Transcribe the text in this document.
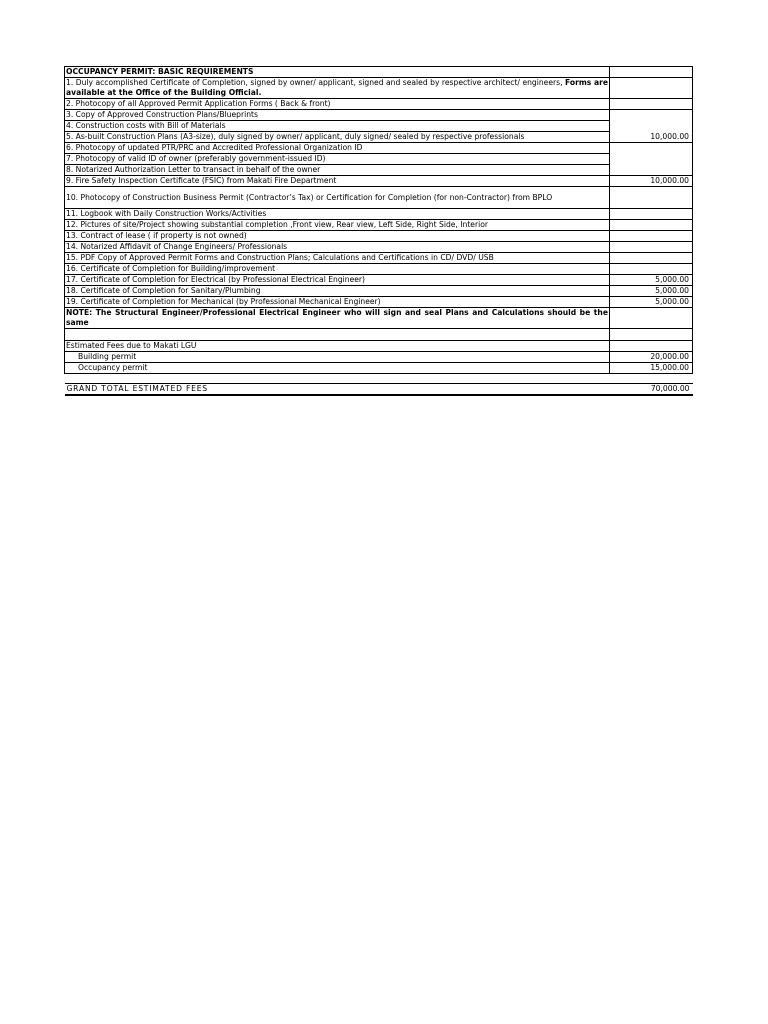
OCCUPANCY PERMIT: BASIC REQUIREMENTS	
1. Duly accomplished Certificate of Completion, signed by owner/ applicant, signed and sealed by respective architect/ engineers, Forms are available at the Office of the Building Official.	
2. Photocopy of all Approved Permit Application Forms ( Back & front)	
3. Copy of Approved Construction Plans/Blueprints	10,000.00
4. Construction costs with Bill of Materials	
5. As-built Construction Plans (A3-size), duly signed by owner/ applicant, duly signed/ sealed by respective professionals	
6. Photocopy of updated PTR/PRC and Accredited Professional Organization ID	
7. Photocopy of valid ID of owner (preferably government-issued ID)	
8. Notarized Authorization Letter to transact in behalf of the owner	
9. Fire Safety Inspection Certificate (FSIC) from Makati Fire Department	10,000.00
10. Photocopy of Construction Business Permit (Contractor’s Tax) or Certification for Completion (for non-Contractor) from BPLO	
11. Logbook with Daily Construction Works/Activities	
12. Pictures of site/Project showing substantial completion ,Front view, Rear view, Left Side, Right Side, Interior	
13. Contract of lease ( if property is not owned)	
14. Notarized Affidavit of Change Engineers/ Professionals	
15. PDF Copy of Approved Permit Forms and Construction Plans; Calculations and Certifications in CD/ DVD/ USB	
16. Certificate of Completion for Building/improvement	
17. Certificate of Completion for Electrical (by Professional Electrical Engineer)	5,000.00
18. Certificate of Completion for Sanitary/Plumbing	5,000.00
19. Certificate of Completion for Mechanical (by Professional Mechanical Engineer)	5,000.00
NOTE: The Structural Engineer/Professional Electrical Engineer who will sign and seal Plans and Calculations should be the same	

Estimated Fees due to Makati LGU	
Building permit	20,000.00
Occupancy permit	15,000.00

GRAND TOTAL ESTIMATED FEES	70,000.00
